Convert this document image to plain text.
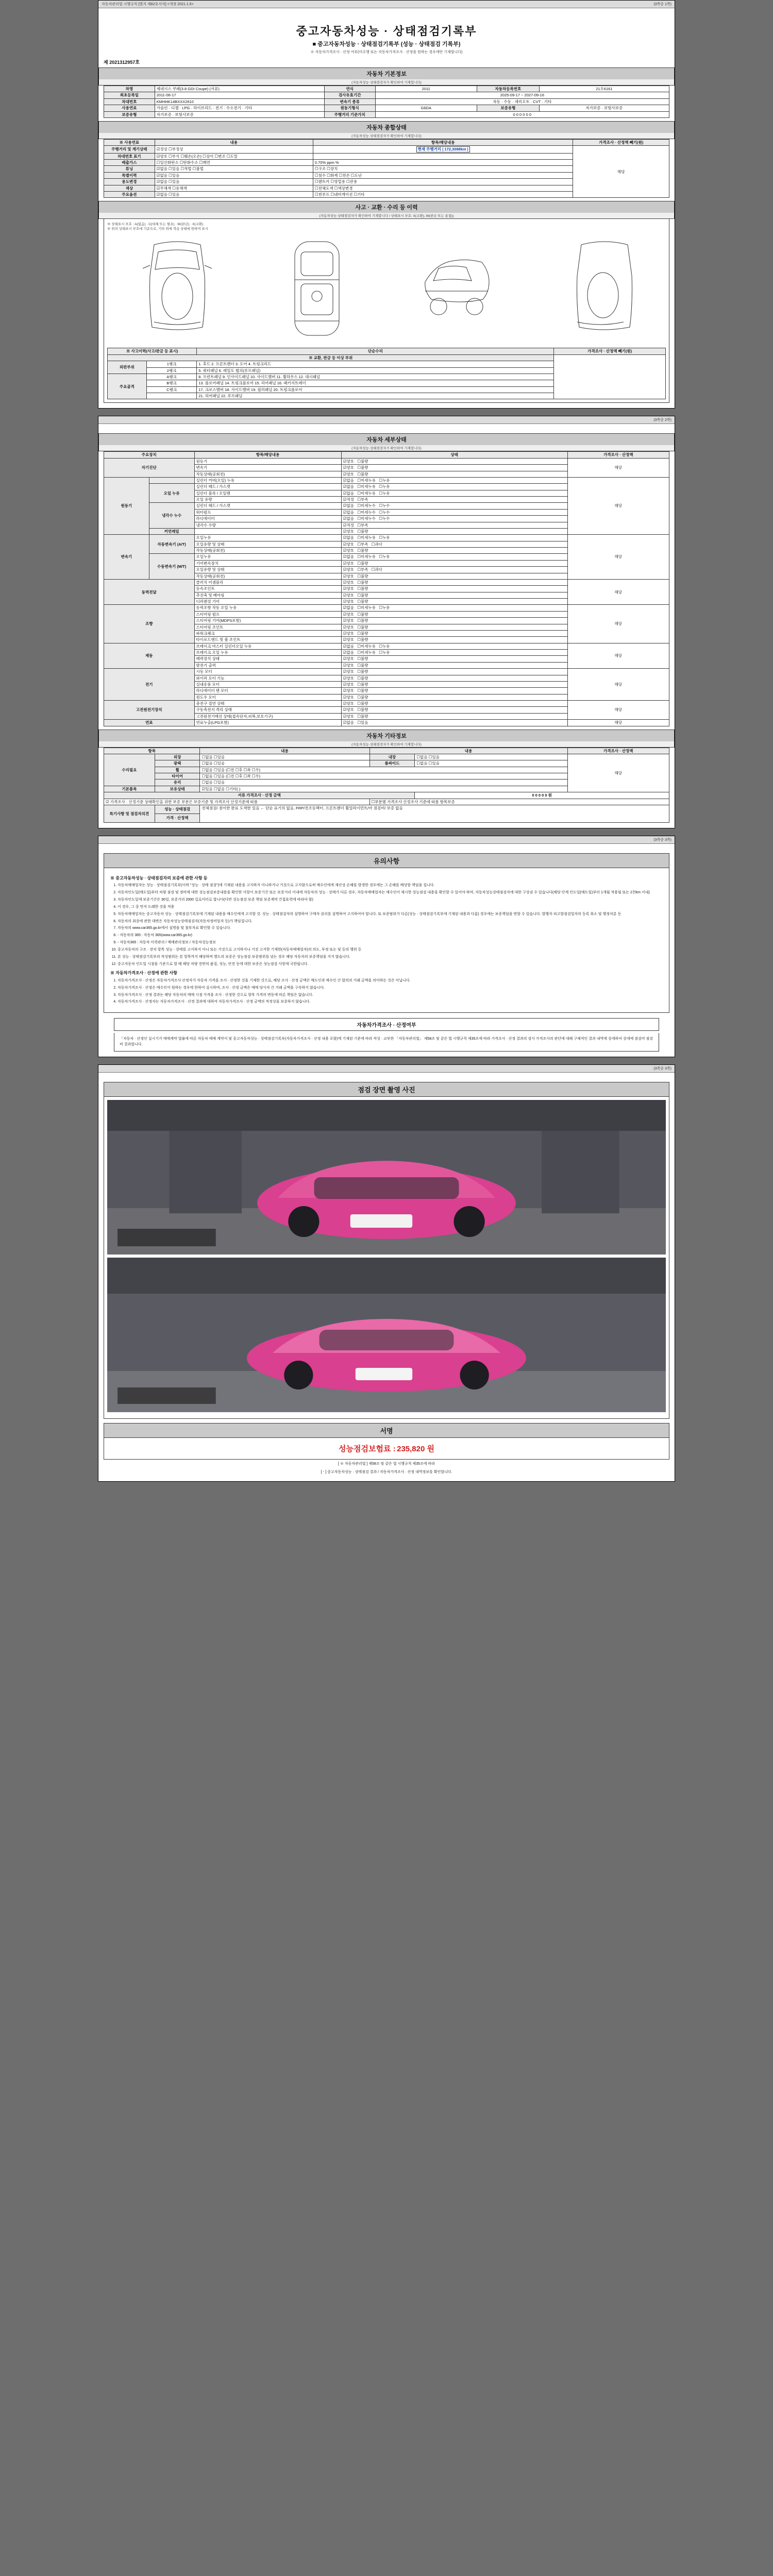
자동차관리법 시행규칙 [별지 제82호서식] <개정 2021.1.5>	(3쪽중 1쪽)
중고자동차성능 · 상태점검기록부
■ 중고자동차성능 · 상태점검기록부 (성능 · 상태점검 기록부)
※ 자동차가격조사 · 산정 여부(미수행 또는 자동차가격조사 · 산정을 원하는 경우에만 기재합니다)
제 2021312957호
자동차 기본정보
(자동차성능·상태점검자가 확인하여 기재합니다)
차명	제네시스 쿠페(3.8 GDI Coupe) (서류)	연식	2011	자동차등록번호	21오6161
최초등록일	2011-06-17	검사유효기간	2025-09-17 ~ 2027-09-16		
차대번호	KMHHK14BXXX2610	변속기 종류	자동 · 수동 · 세미오토 · CVT · 기타		
사용연료	가솔린 · 디젤 · LPG · 하이브리드 · 전기 · 수소전기 · 기타	원동기형식	G6DA	보증유형	자가보증 · 보험사보증
보증유형	자가보증 · 보험사보증	주행거리 기준가치	0 0 0 0 0 0		
자동차 종합상태
(자동차성능·상태점검자가 확인하여 기재합니다)
※ 사용연료	내용	항목/해당내용	가격조사 · 산정액 빼기(원)
주행거리 및 계기상태	☑정상 ☐부정상	현재 주행거리 | 172,3098km |	해당
차대번호 표기	☑양호 ☐부식 ☐훼손(오손) ☐상이 ☐변조 ☐도말		
배출가스	☐일산화탄소 ☐탄화수소 ☐매연	0.70% ppm %	
튜닝	☑없음 ☐있음 ☐적법 ☐불법	☐구조 ☐장치	
특별이력	☑없음 ☐있음	☐침수 ☐화재 ☐전손 ☐도난	
용도변경	☑없음 ☐있음	☐렌트카 ☐영업용 ☐관용	
색상	☑무채색 ☐유채색	☐전체도색 ☐색상변경	
주요옵션	☑없음 ☐있음	☐썬루프 ☐내비게이션 ☐기타	
사고 · 교환 · 수리 등 이력
(자동차성능·상태점검자가 확인하여 기재합니다 / 상태표시 부호: X(교환), W(판금 또는 용접))
※ 상태표시 부호 : A(없음) · C(대체 또는 필요) · W(판금) · X(교환)
※ 위의 상태표시 부호에 기준으로, 기타 위에 적습 상태에 한하여 표시
※ 사고이력(사고/판금 등 표시)		단순수리	가격조사 · 산정액 빼기(원)
※ 교환, 판금 등 이상 부위			
외판부위	1랭크	1. 후드 2. 프론트펜더 3. 도어 4. 트렁크리드	
	2랭크	5. 쿼터패널 6. 레일도 협의(루프패널)	
주요골격	A랭크	8. 프런트패널 9. 인사이드패널 10. 사이드멤버 11. 휠하우스 12. 대시패널	
	B랭크	13. 플로어패널 14. 트렁크플로어 15. 리어패널 16. 패키지트레이	
	C랭크	17. 크로스멤버 18. 사이드멤버 19. 필러패널 20. 트렁크플로어	
		21. 리어패널 22. 루프패널	

(3쪽중 2쪽)
자동차 세부상태
(자동차성능·상태점검자가 확인하여 기재합니다)
주요장치		항목/해당내용	상태	가격조사 · 산정액
자기진단		원동기	☑양호 ☐불량	해당
		변속기	☑양호 ☐불량	
		작동상태(공회전)	☑양호 ☐불량	
원동기		실린더 커버(오일) 누유	☑없음 ☐미세누유 ☐누유	해당
	오일 누유	실린더 헤드 / 가스켓	☑없음 ☐미세누유 ☐누유	
		실린더 블록 / 오일팬	☑없음 ☐미세누유 ☐누유	
		오일 유량	☑적정 ☐부족	
	냉각수 누수	실린더 헤드 / 가스켓	☑없음 ☐미세누수 ☐누수	
		워터펌프	☑없음 ☐미세누수 ☐누수	
		라디에이터	☑없음 ☐미세누수 ☐누수	
		냉각수 수량	☑적정 ☐부족	
	커먼레일		☑양호 ☐불량	
변속기	자동변속기 (A/T)	오일누유	☑없음 ☐미세누유 ☐누유	해당
		오일유량 및 상태	☑양호 ☐부족 ☐과다	
		작동상태(공회전)	☑양호 ☐불량	
	수동변속기 (M/T)	오일누유	☑없음 ☐미세누유 ☐누유	
		기어변속장치	☑양호 ☐불량	
		오일유량 및 상태	☑양호 ☐부족 ☐과다	
		작동상태(공회전)	☑양호 ☐불량	
동력전달		클러치 어셈블리	☑양호 ☐불량	해당
		등속조인트	☑양호 ☐불량	
		추진축 및 베어링	☑양호 ☐불량	
		디퍼렌셜 기어	☑양호 ☐불량	
조향		동력조향 작동 오일 누유	☑없음 ☐미세누유 ☐누유	해당
		스티어링 펌프	☑양호 ☐불량	
		스티어링 기어(MDPS포함)	☑양호 ☐불량	
		스티어링 조인트	☑양호 ☐불량	
		파워크랭크	☑양호 ☐불량	
		타이로드엔드 및 볼 조인트	☑양호 ☐불량	
제동		브레이크 마스터 실린더오일 누유	☑없음 ☐미세누유 ☐누유	해당
		브레이크 오일 누유	☑없음 ☐미세누유 ☐누유	
		배력장치 상태	☑양호 ☐불량	
		발전기 출력	☑양호 ☐불량	
전기		시동 모터	☑양호 ☐불량	해당
		와이퍼 모터 기능	☑양호 ☐불량	
		실내송풍 모터	☑양호 ☐불량	
		라디에이터 팬 모터	☑양호 ☐불량	
		윈도우 모터	☑양호 ☐불량	
고전원전기장치		충전구 절연 상태	☑양호 ☐불량	해당
		구동축전지 격리 상태	☑양호 ☐불량	
		고전원전기배선 상태(접속단자,피복,보호기구)	☑양호 ☐불량	
연료		연료누출(LPG포함)	☑없음 ☐있음	해당
자동차 기타정보
(자동차성능·상태점검자가 확인하여 기재합니다)
항목		내용	내용		가격조사 · 산정액
수리필요	외장	☐없음 ☐있음	내장	☐없음 ☐있음	해당
	광택	☐없음 ☐있음	룸싸이드	☐없음 ☐있음	
	휠	☐없음 ☐있음 (☐전 ☐후 ☐좌 ☐우)			
	타이어	☐없음 ☐있음 (☐전 ☐후 ☐좌 ☐우)			
	유리	☐없음 ☐있음			
기본품목	보유상태	☑있음 ☐없음 ☐기타( )			
서류 가격조사 · 산정 금액				0 0 0 0 0 원	
☑ 가격조사 · 산정기준 상태확인을 위한 보증 부분은 보증기준 및 가격조사 산정기준에 따름			☐부분별 가격조사 산정조사 기준에 따름 항목보증		
특기사항 및 점검자의견	성능 · 상태점검	전체점검/ 점이한 완료 도색한 있음 ← 단순 표기의 없음, FRP/전조등팩터, 프론트펜더 휠얼라이먼트/아 점검비/ 보증 없음			
	가격 · 산정액				

(3쪽중 3쪽)
유의사항
※ 중고자동차성능 · 상태점검자의 보증에 관한 사항 등
1. 자동차매매업자는 성능 · 상태점검기록부(이하 "성능 · 상태 점검")에 기재된 내용을 고지하지 아니하거나 거짓으로 고지함으로써 매수인에게 재산상 손해를 발생한 경우에는 그 손해를 배상할 책임을 집니다.
2. 자동차인도일(매도일)부터 차량 점검 및 정비에 대한 성능점검보증내용을 확인한 사항이 보증기간 또는 보증거리 이내에 자동차의 성능 · 상태가 다른 경우, 자동차매매업자는 매수인이 제시한 성능점검 내용을 확인할 수 있어야 하며, 자동차성능상태점검자에 대한 구상권 수 있습니다(해당 단계 인도일(매도일)부터 1개월 적용됨 또는 2천km 이내)
3. 자동차인도일에 보증기간은 30일, 보증거리 2000 킬로미터로 합니다(다만 성능점검 보증 책임 보증계약 간접효력에 따라야 함)
4. 이 경우, 그 중 먼저 도래한 것을 적용
5. 자동차매매업자는 중고자동차 성능 · 상태점검기록부에 기재된 내용을 매수인에게 고지할 것. 성능 · 상태점검자의 설명하여 구매자 권리를 설명하여 고지하여야 합니다. 또 보증범위가 다른(성능 · 상태점검기록부에 기재된 내용과 다름) 경우에는 보증책임을 면할 수 있습니다. 발행자 피고발점검업자의 등록 취소 및 행정처분 등
6. 자동차의 최종에 관한 대변은 자동차성능상태점검자(자동차정비업자 등)가 책임집니다.
7. 자동차의 www.car365.go.kr에서 설명을 및 첨부자료 확인할 수 있습니다.
8. - 자동차의 365 : 자동차 365(www.car365.go.kr)
9. - 자동차365 : 자동차 이력관리 / 매매관리정보 / 자동차성능정보
10. 중고자동차의 구조 · 장치 항목 성능 · 상태를 고지하지 아니 또는 거짓으로 고지하거나 거짓 고지한 기재한(자동차매매업자)의 의도, 부정 또는 및 등의 행위 등
11. 본 성능 · 상태점검기록부의 작성범위는 본 항목까지 해당하며 별도의 보증은 성능점검 보증범위를 넘는 경우 해당 자동차의 보증책임을 지지 않습니다.
12. 중고자동차 인도일 시점을 기준으로 할 때 해당 차량 전반의 품질, 성능, 안전 등에 대한 보증은 성능점검 사항에 국한됩니다.
※ 자동차가격조사 · 산정에 관한 사항
1. 자동차가격조사 · 산정은 자동차가격조사 산정자가 자동차 가격을 조사 · 산정한 것을 기재한 것으로, 해당 조사 · 산정 금액은 매도인과 매수인 간 합의의 거래 금액을 의미하는 것은 아닙니다.
2. 자동차가격조사 · 산정은 매수인이 원하는 경우에 한하여 실시하며, 조사 · 산정 금액은 매매 당사자 간 거래 금액을 구속하지 않습니다.
3. 자동차가격조사 · 산정 결과는 해당 자동차의 매매 시점 가격을 조사 · 산정한 것으로 향후 가격의 변동에 따른 책임은 없습니다.
4. 자동차가격조사 · 산정자는 자동차가격조사 · 산정 결과에 대하여 자동차가격조사 · 산정 금액의 적정성을 보증하지 않습니다.
자동차가격조사 · 산정여부
「자동차 · 산정인 실시기가 매매계약 법률에 따른 자동차 매매 계약서 및 중고자동차성능 · 상태점검기록부(자동차가격조사 · 산정 내용 포함)에 기재된 기준에 따라 작성 · 교부한 「자동차관리법」 제58조 및 같은 법 시행규칙 제35조에 따라 가격조사 · 산정 결과의 검사 가격조사의 판단에 대해 구체적인 결과 내역에 상세하여 상세에 점검비 점검비 결과합니다.

(3쪽중 3쪽)
점검 장면 촬영 사진
서명
성능점검보험료 : 235,820 원
[ ※ 자동차관리법 ] 제58조 및 같은 법 시행규칙 제35조에 따라
[ㆍ] 중고자동차성능 · 상태점검 결과 / 자동차가격조사 · 산정 내역정보를 확인합니다.
